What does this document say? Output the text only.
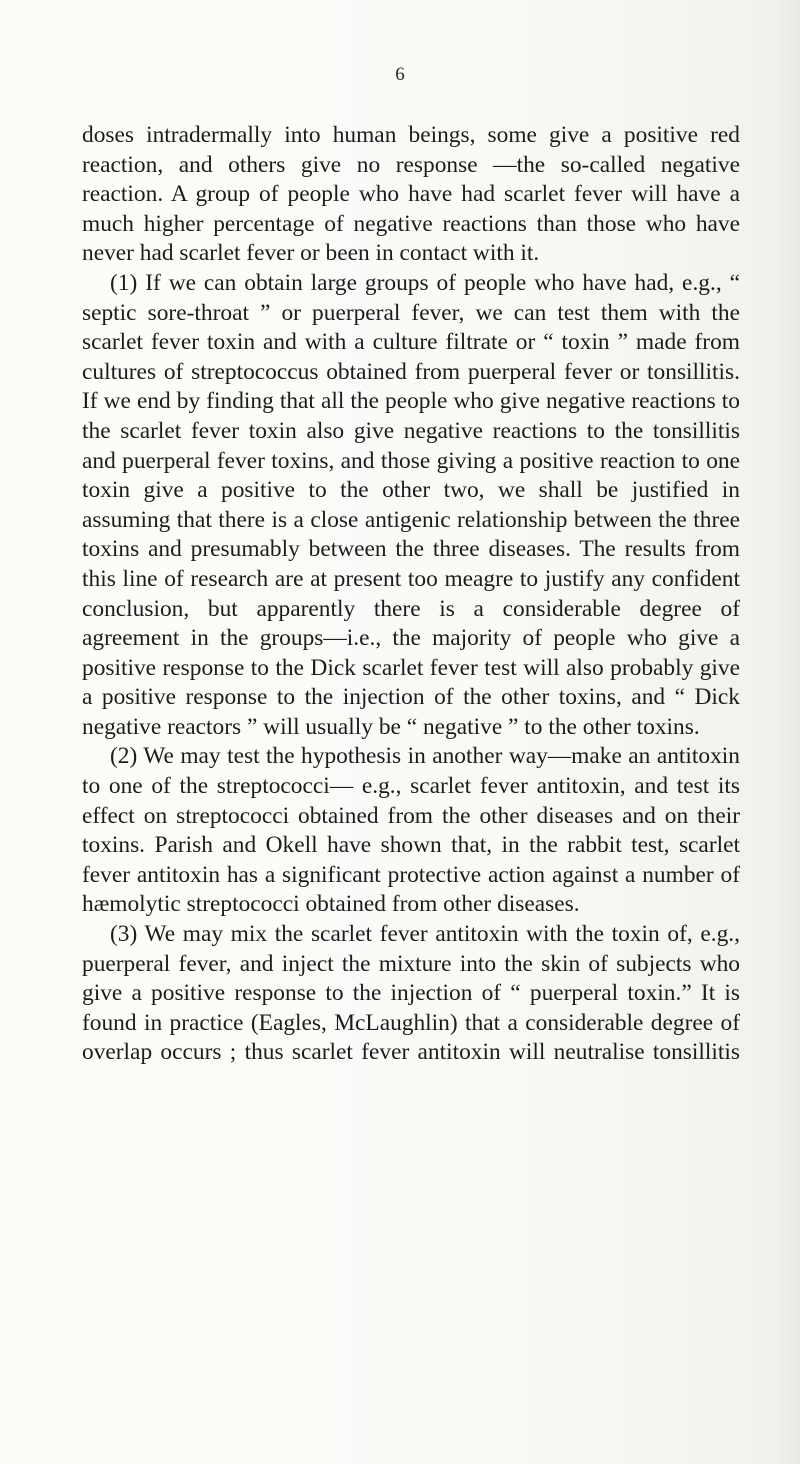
6

doses intradermally into human beings, some give a positive red reaction, and others give no response —the so-called negative reaction. A group of people who have had scarlet fever will have a much higher percentage of negative reactions than those who have never had scarlet fever or been in contact with it.

(1) If we can obtain large groups of people who have had, e.g., “ septic sore-throat ” or puerperal fever, we can test them with the scarlet fever toxin and with a culture filtrate or “ toxin ” made from cultures of streptococcus obtained from puerperal fever or tonsillitis. If we end by finding that all the people who give negative reactions to the scarlet fever toxin also give negative reactions to the tonsillitis and puerperal fever toxins, and those giving a positive reaction to one toxin give a positive to the other two, we shall be justified in assuming that there is a close antigenic relationship between the three toxins and presumably between the three diseases. The results from this line of research are at present too meagre to justify any confident conclusion, but apparently there is a considerable degree of agreement in the groups—i.e., the majority of people who give a positive response to the Dick scarlet fever test will also probably give a positive response to the injection of the other toxins, and “ Dick negative reactors ” will usually be “ negative ” to the other toxins.

(2) We may test the hypothesis in another way—make an antitoxin to one of the streptococci— e.g., scarlet fever antitoxin, and test its effect on streptococci obtained from the other diseases and on their toxins. Parish and Okell have shown that, in the rabbit test, scarlet fever antitoxin has a significant protective action against a number of hæmolytic streptococci obtained from other diseases.

(3) We may mix the scarlet fever antitoxin with the toxin of, e.g., puerperal fever, and inject the mixture into the skin of subjects who give a positive response to the injection of “ puerperal toxin.” It is found in practice (Eagles, McLaughlin) that a considerable degree of overlap occurs ; thus scarlet fever antitoxin will neutralise tonsillitis
